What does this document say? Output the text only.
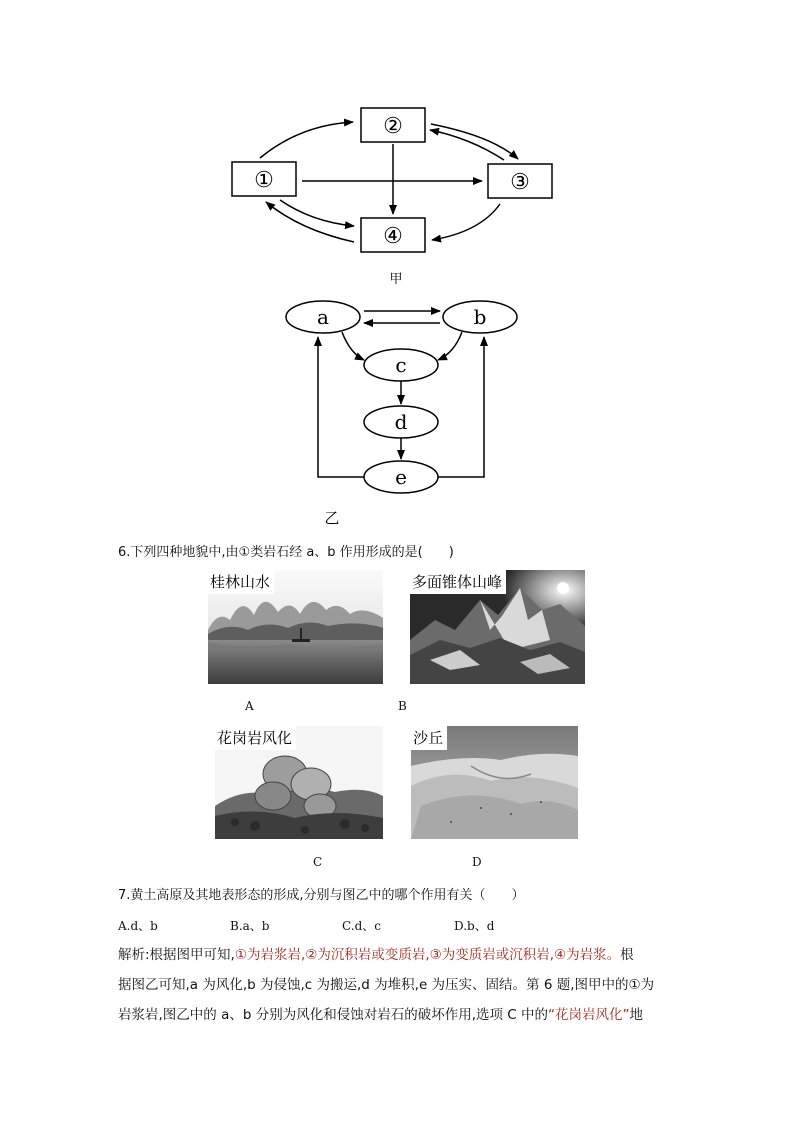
①
②
③
④
甲
a	b
c
d
e
乙
6.下列四种地貌中,由①类岩石经 a、b 作用形成的是(　　)
桂林山水
A
多面锥体山峰
B
花岗岩风化
C
沙丘
D
7.黄土高原及其地表形态的形成,分别与图乙中的哪个作用有关（　　）
A.d、b	B.a、b	C.d、c	D.b、d
解析:根据图甲可知,①为岩浆岩,②为沉积岩或变质岩,③为变质岩或沉积岩,④为岩浆。根
据图乙可知,a 为风化,b 为侵蚀,c 为搬运,d 为堆积,e 为压实、固结。第 6 题,图甲中的①为
岩浆岩,图乙中的 a、b 分别为风化和侵蚀对岩石的破坏作用,选项 C 中的“花岗岩风化”地
